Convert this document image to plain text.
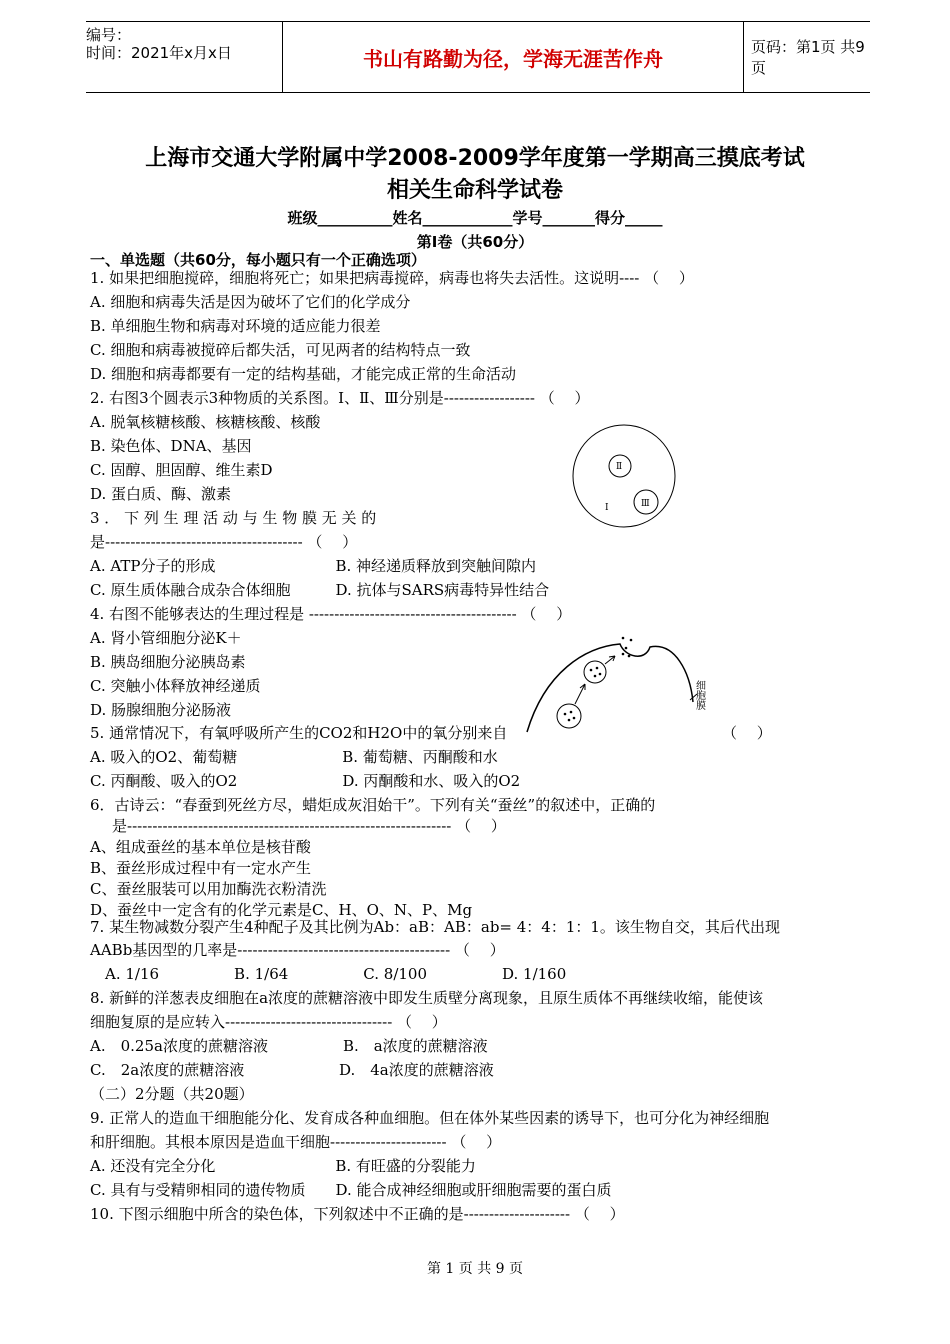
编号：
时间：2021年x月x日	书山有路勤为径，学海无涯苦作舟	页码：第1页 共9页
上海市交通大学附属中学2008-2009学年度第一学期高三摸底考试
相关生命科学试卷
班级__________姓名____________学号_______得分_____
第Ⅰ卷（共60分）
一、单选题（共60分，每小题只有一个正确选项）
1. 如果把细胞搅碎，细胞将死亡；如果把病毒搅碎，病毒也将失去活性。这说明---- （　 ）
A. 细胞和病毒失活是因为破坏了它们的化学成分
B. 单细胞生物和病毒对环境的适应能力很差
C. 细胞和病毒被搅碎后都失活，可见两者的结构特点一致
D. 细胞和病毒都要有一定的结构基础，才能完成正常的生命活动
2. 右图3个圆表示3种物质的关系图。Ⅰ、Ⅱ、Ⅲ分别是------------------ （　 ）
A. 脱氧核糖核酸、核糖核酸、核酸
B. 染色体、DNA、基因
C. 固醇、胆固醇、维生素D
D. 蛋白质、酶、激素
3 ． 下 列 生 理 活 动 与 生 物 膜 无 关 的
是--------------------------------------- （　 ）
A. ATP分子的形成　　　　　　　　B. 神经递质释放到突触间隙内
C. 原生质体融合成杂合体细胞　　　D. 抗体与SARS病毒特异性结合
4. 右图不能够表达的生理过程是 ----------------------------------------- （　 ）
A. 肾小管细胞分泌K＋
B. 胰岛细胞分泌胰岛素
C. 突触小体释放神经递质
D. 肠腺细胞分泌肠液
5. 通常情况下，有氧呼吸所产生的CO2和H2O中的氧分别来自
A. 吸入的O2、葡萄糖　　　　　　　B. 葡萄糖、丙酮酸和水
C. 丙酮酸、吸入的O2　　　　　　　D. 丙酮酸和水、吸入的O2
6．古诗云：“春蚕到死丝方尽，蜡炬成灰泪始干”。下列有关“蚕丝”的叙述中，正确的
是---------------------------------------------------------------- （　 ）
A、组成蚕丝的基本单位是核苷酸
B、蚕丝形成过程中有一定水产生
C、蚕丝服装可以用加酶洗衣粉清洗
D、蚕丝中一定含有的化学元素是C、H、O、N、P、Mg
7. 某生物减数分裂产生4种配子及其比例为Ab：aB：AB：ab= 4：4：1：1。该生物自交，其后代出现
AABb基因型的几率是------------------------------------------ （　 ）
　A. 1/16　　　　　B. 1/64　　　　　C. 8/100　　　　　D. 1/160
8. 新鲜的洋葱表皮细胞在a浓度的蔗糖溶液中即发生质壁分离现象，且原生质体不再继续收缩，能使该
细胞复原的是应转入--------------------------------- （　 ）
A.　0.25a浓度的蔗糖溶液　　　　　B.　a浓度的蔗糖溶液
C.　2a浓度的蔗糖溶液　　　　　　 D.　4a浓度的蔗糖溶液
（二）2分题（共20题）
9. 正常人的造血干细胞能分化、发育成各种血细胞。但在体外某些因素的诱导下，也可分化为神经细胞
和肝细胞。其根本原因是造血干细胞----------------------- （　 ）
A. 还没有完全分化　　　　　　　　B. 有旺盛的分裂能力
C. 具有与受精卵相同的遗传物质　　D. 能合成神经细胞或肝细胞需要的蛋白质
10. 下图示细胞中所含的染色体，下列叙述中不正确的是--------------------- （　 ）
（　 ）
Ⅰ
Ⅱ
Ⅲ
细胞膜
第 1 页 共 9 页
